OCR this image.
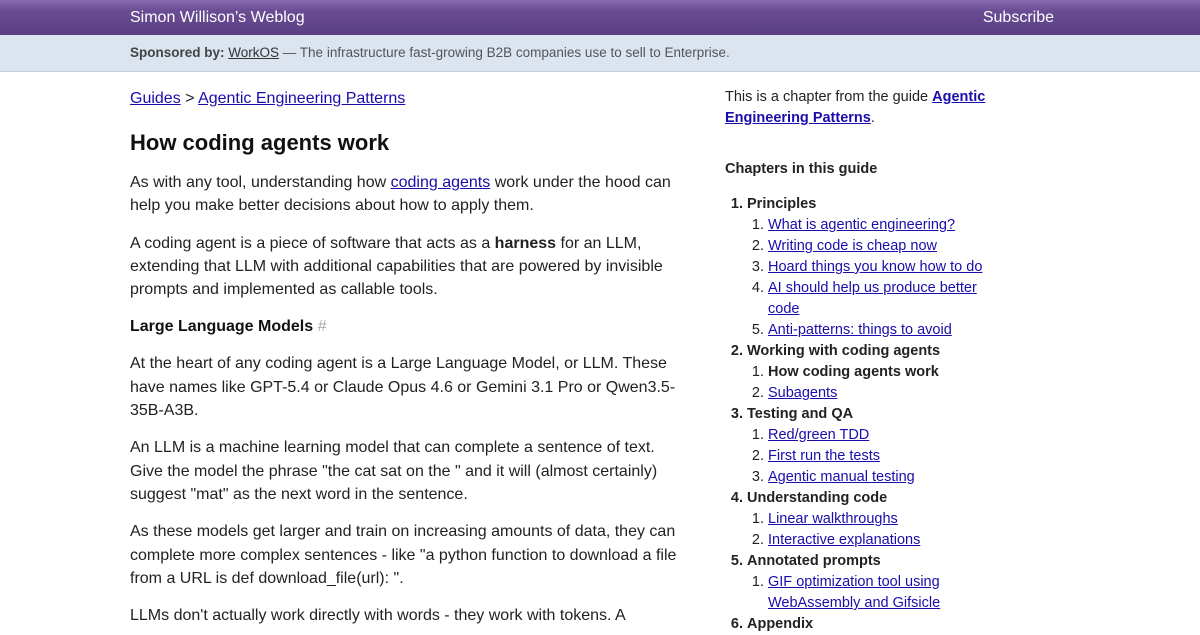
Simon Willison’s Weblog	Subscribe
Sponsored by: WorkOS — The infrastructure fast-growing B2B companies use to sell to Enterprise.
Guides > Agentic Engineering Patterns
How coding agents work

As with any tool, understanding how coding agents work under the hood can help you make better decisions about how to apply them.

A coding agent is a piece of software that acts as a harness for an LLM, extending that LLM with additional capabilities that are powered by invisible prompts and implemented as callable tools.

Large Language Models #

At the heart of any coding agent is a Large Language Model, or LLM. These have names like GPT-5.4 or Claude Opus 4.6 or Gemini 3.1 Pro or Qwen3.5-35B-A3B.

An LLM is a machine learning model that can complete a sentence of text. Give the model the phrase "the cat sat on the " and it will (almost certainly) suggest "mat" as the next word in the sentence.

As these models get larger and train on increasing amounts of data, they can complete more complex sentences - like "a python function to download a file from a URL is def download_file(url): ".

LLMs don't actually work directly with words - they work with tokens. A

This is a chapter from the guide Agentic Engineering Patterns.

Chapters in this guide
1. Principles
1. What is agentic engineering?
2. Writing code is cheap now
3. Hoard things you know how to do
4. AI should help us produce better code
5. Anti-patterns: things to avoid
2. Working with coding agents
1. How coding agents work
2. Subagents
3. Testing and QA
1. Red/green TDD
2. First run the tests
3. Agentic manual testing
4. Understanding code
1. Linear walkthroughs
2. Interactive explanations
5. Annotated prompts
1. GIF optimization tool using WebAssembly and Gifsicle
6. Appendix
